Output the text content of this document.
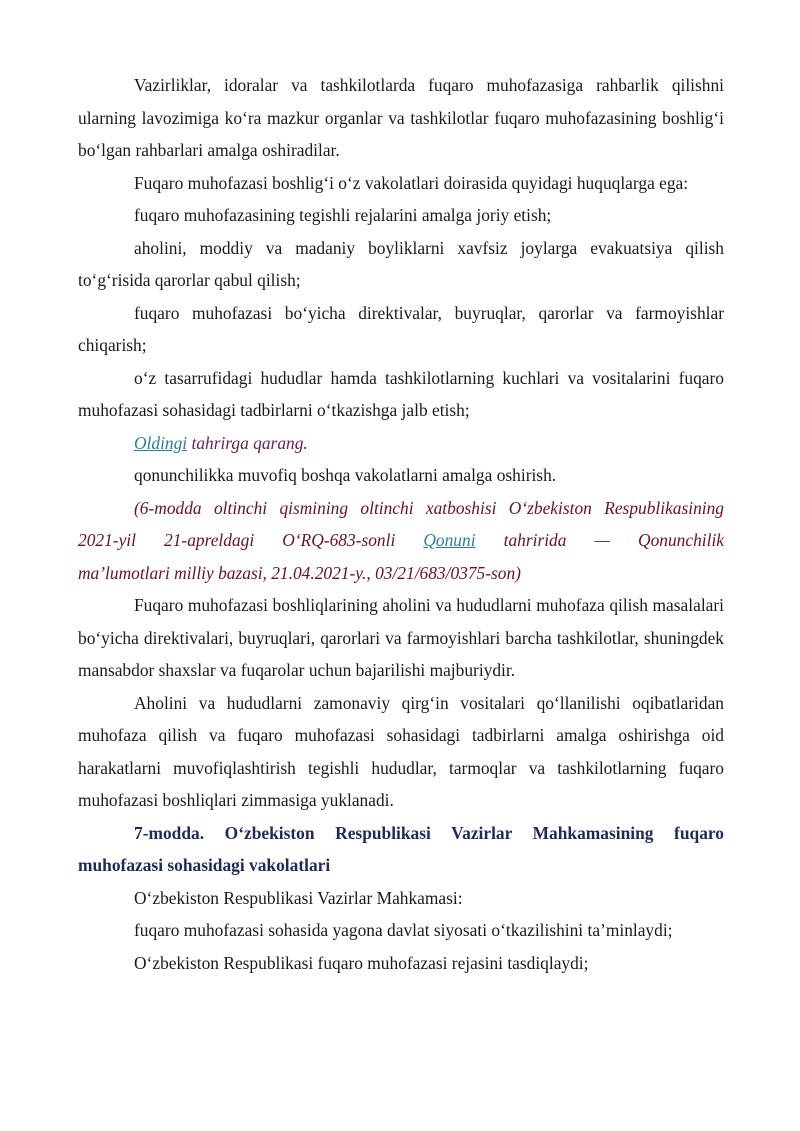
Vazirliklar, idoralar va tashkilotlarda fuqaro muhofazasiga rahbarlik qilishni ularning lavozimiga ko‘ra mazkur organlar va tashkilotlar fuqaro muhofazasining boshlig‘i bo‘lgan rahbarlari amalga oshiradilar.

Fuqaro muhofazasi boshlig‘i o‘z vakolatlari doirasida quyidagi huquqlarga ega:

fuqaro muhofazasining tegishli rejalarini amalga joriy etish;

aholini, moddiy va madaniy boyliklarni xavfsiz joylarga evakuatsiya qilish to‘g‘risida qarorlar qabul qilish;

fuqaro muhofazasi bo‘yicha direktivalar, buyruqlar, qarorlar va farmoyishlar chiqarish;

o‘z tasarrufidagi hududlar hamda tashkilotlarning kuchlari va vositalarini fuqaro muhofazasi sohasidagi tadbirlarni o‘tkazishga jalb etish;

Oldingi tahrirga qarang.

qonunchilikka muvofiq boshqa vakolatlarni amalga oshirish.

(6-modda oltinchi qismining oltinchi xatboshisi O‘zbekiston Respublikasining

2021-yil 21-apreldagi O‘RQ-683-sonli Qonuni tahririda — Qonunchilik

ma’lumotlari milliy bazasi, 21.04.2021-y., 03/21/683/0375-son)

Fuqaro muhofazasi boshliqlarining aholini va hududlarni muhofaza qilish masalalari bo‘yicha direktivalari, buyruqlari, qarorlari va farmoyishlari barcha tashkilotlar, shuningdek mansabdor shaxslar va fuqarolar uchun bajarilishi majburiydir.

Aholini va hududlarni zamonaviy qirg‘in vositalari qo‘llanilishi oqibatlaridan muhofaza qilish va fuqaro muhofazasi sohasidagi tadbirlarni amalga oshirishga oid harakatlarni muvofiqlashtirish tegishli hududlar, tarmoqlar va tashkilotlarning fuqaro muhofazasi boshliqlari zimmasiga yuklanadi.

7-modda. O‘zbekiston Respublikasi Vazirlar Mahkamasining fuqaro muhofazasi sohasidagi vakolatlari

O‘zbekiston Respublikasi Vazirlar Mahkamasi:

fuqaro muhofazasi sohasida yagona davlat siyosati o‘tkazilishini ta’minlaydi;

O‘zbekiston Respublikasi fuqaro muhofazasi rejasini tasdiqlaydi;
